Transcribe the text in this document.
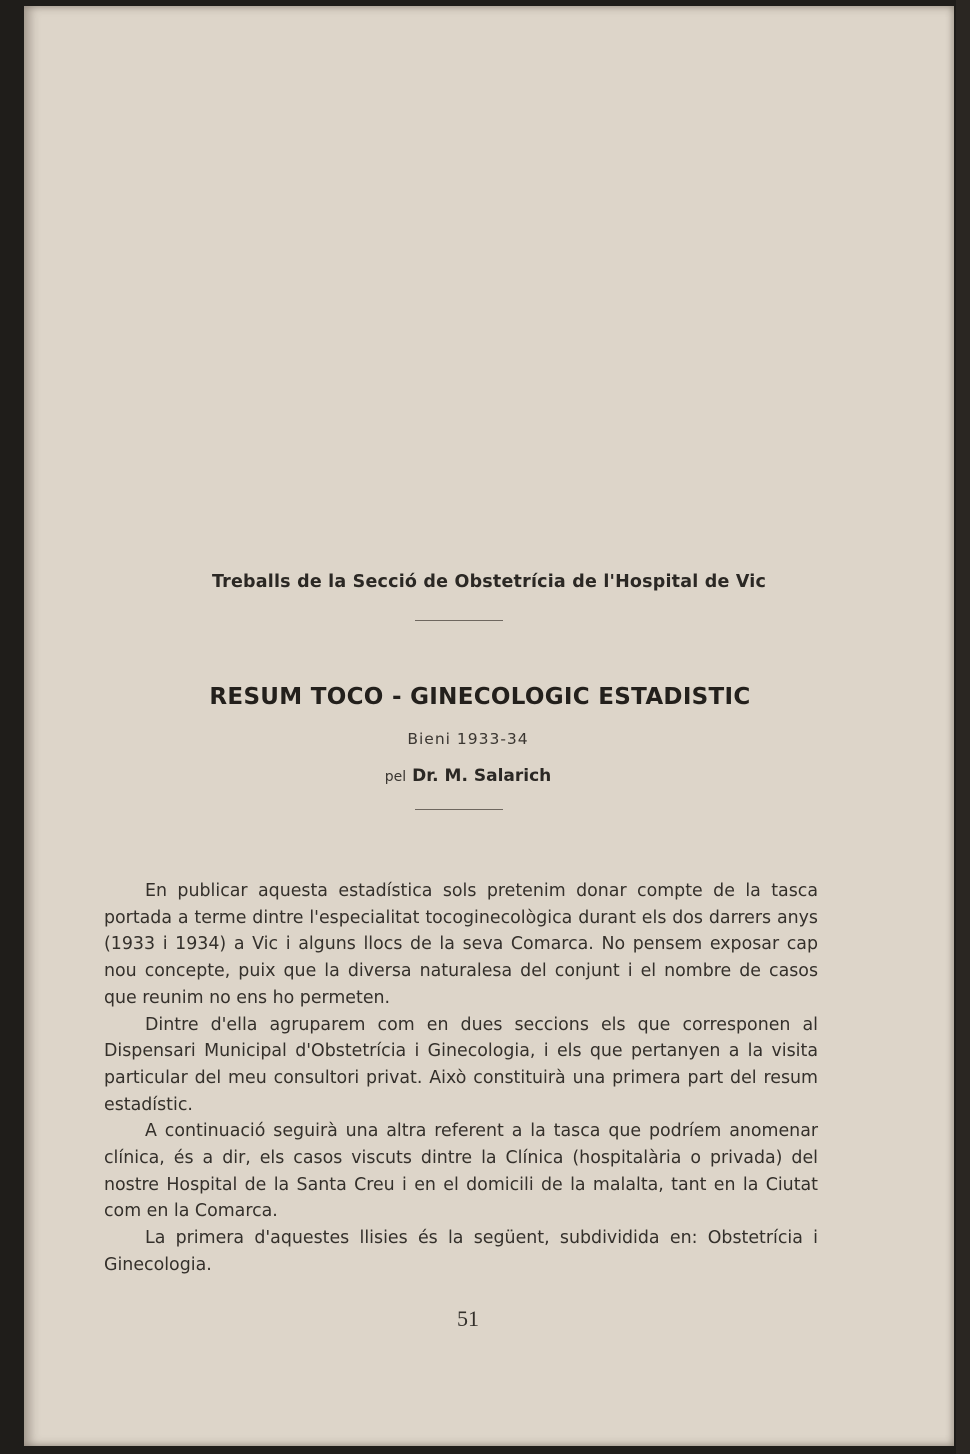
Treballs de la Secció de Obstetrícia de l'Hospital de Vic
RESUM TOCO - GINECOLOGIC ESTADISTIC
Bieni 1933-34
pel Dr. M. Salarich

En publicar aquesta estadística sols pretenim donar compte de la tasca portada a terme dintre l'especialitat tocoginecològica durant els dos darrers anys (1933 i 1934) a Vic i alguns llocs de la seva Comarca. No pensem exposar cap nou concepte, puix que la diversa naturalesa del conjunt i el nombre de casos que reunim no ens ho permeten.

Dintre d'ella agruparem com en dues seccions els que corresponen al Dispensari Municipal d'Obstetrícia i Ginecologia, i els que pertanyen a la visita particular del meu consultori privat. Això constituirà una primera part del resum estadístic.

A continuació seguirà una altra referent a la tasca que podríem anomenar clínica, és a dir, els casos viscuts dintre la Clínica (hospitalària o privada) del nostre Hospital de la Santa Creu i en el domicili de la malalta, tant en la Ciutat com en la Comarca.

La primera d'aquestes llisies és la següent, subdividida en: Obstetrícia i Ginecologia.

51
